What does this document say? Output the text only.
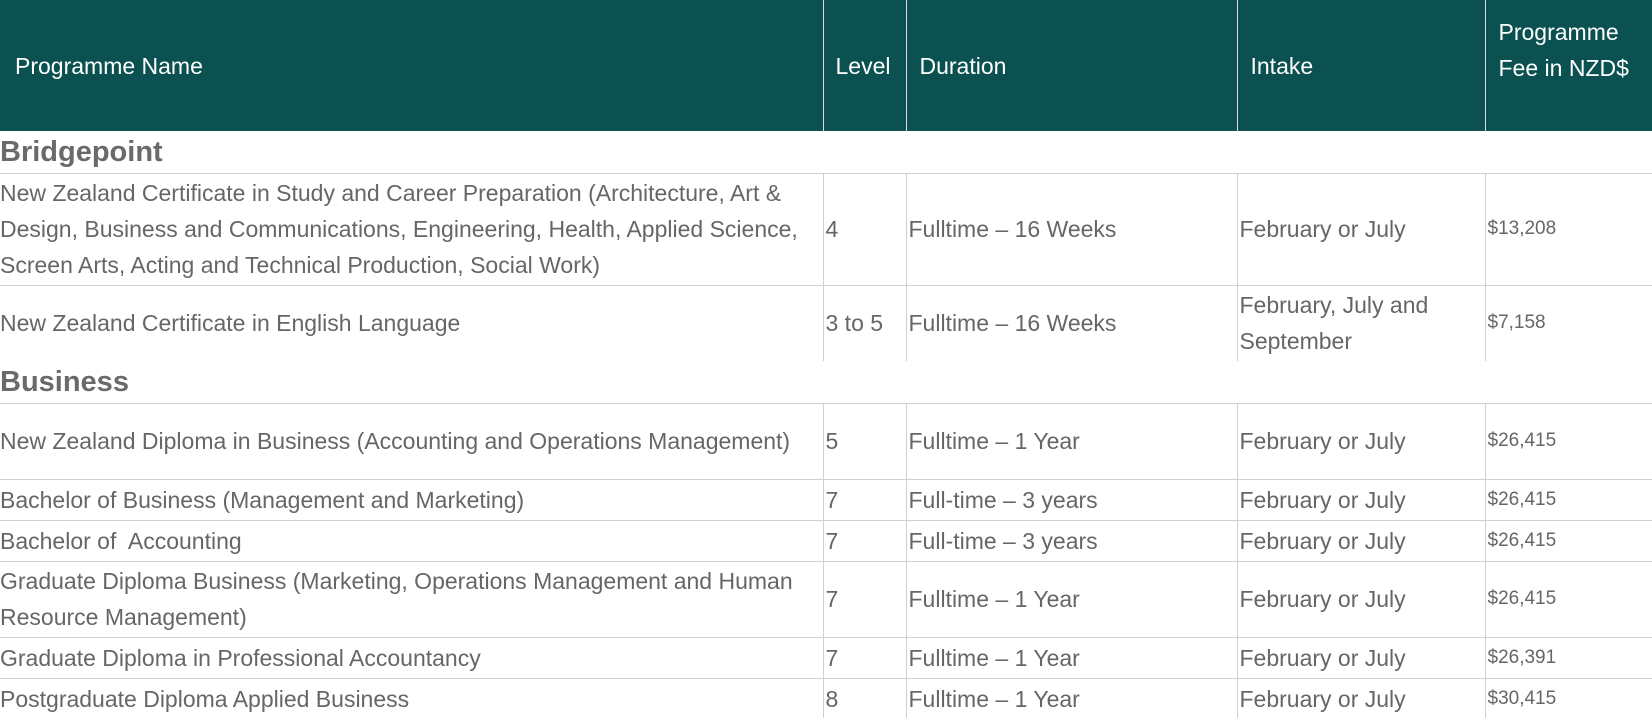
Programme Name	Level	Duration	Intake	Programme Fee in NZD$
Bridgepoint				
New Zealand Certificate in Study and Career Preparation (Architecture, Art & Design, Business and Communications, Engineering, Health, Applied Science, Screen Arts, Acting and Technical Production, Social Work)	4	Fulltime – 16 Weeks	February or July	$13,208
New Zealand Certificate in English Language	3 to 5	Fulltime – 16 Weeks	February, July and September	$7,158
Business				
New Zealand Diploma in Business (Accounting and Operations Management)	5	Fulltime – 1 Year	February or July	$26,415
Bachelor of Business (Management and Marketing)	7	Full-time – 3 years	February or July	$26,415
Bachelor of  Accounting	7	Full-time – 3 years	February or July	$26,415
Graduate Diploma Business (Marketing, Operations Management and Human Resource Management)	7	Fulltime – 1 Year	February or July	$26,415
Graduate Diploma in Professional Accountancy	7	Fulltime – 1 Year	February or July	$26,391
Postgraduate Diploma Applied Business	8	Fulltime – 1 Year	February or July	$30,415
